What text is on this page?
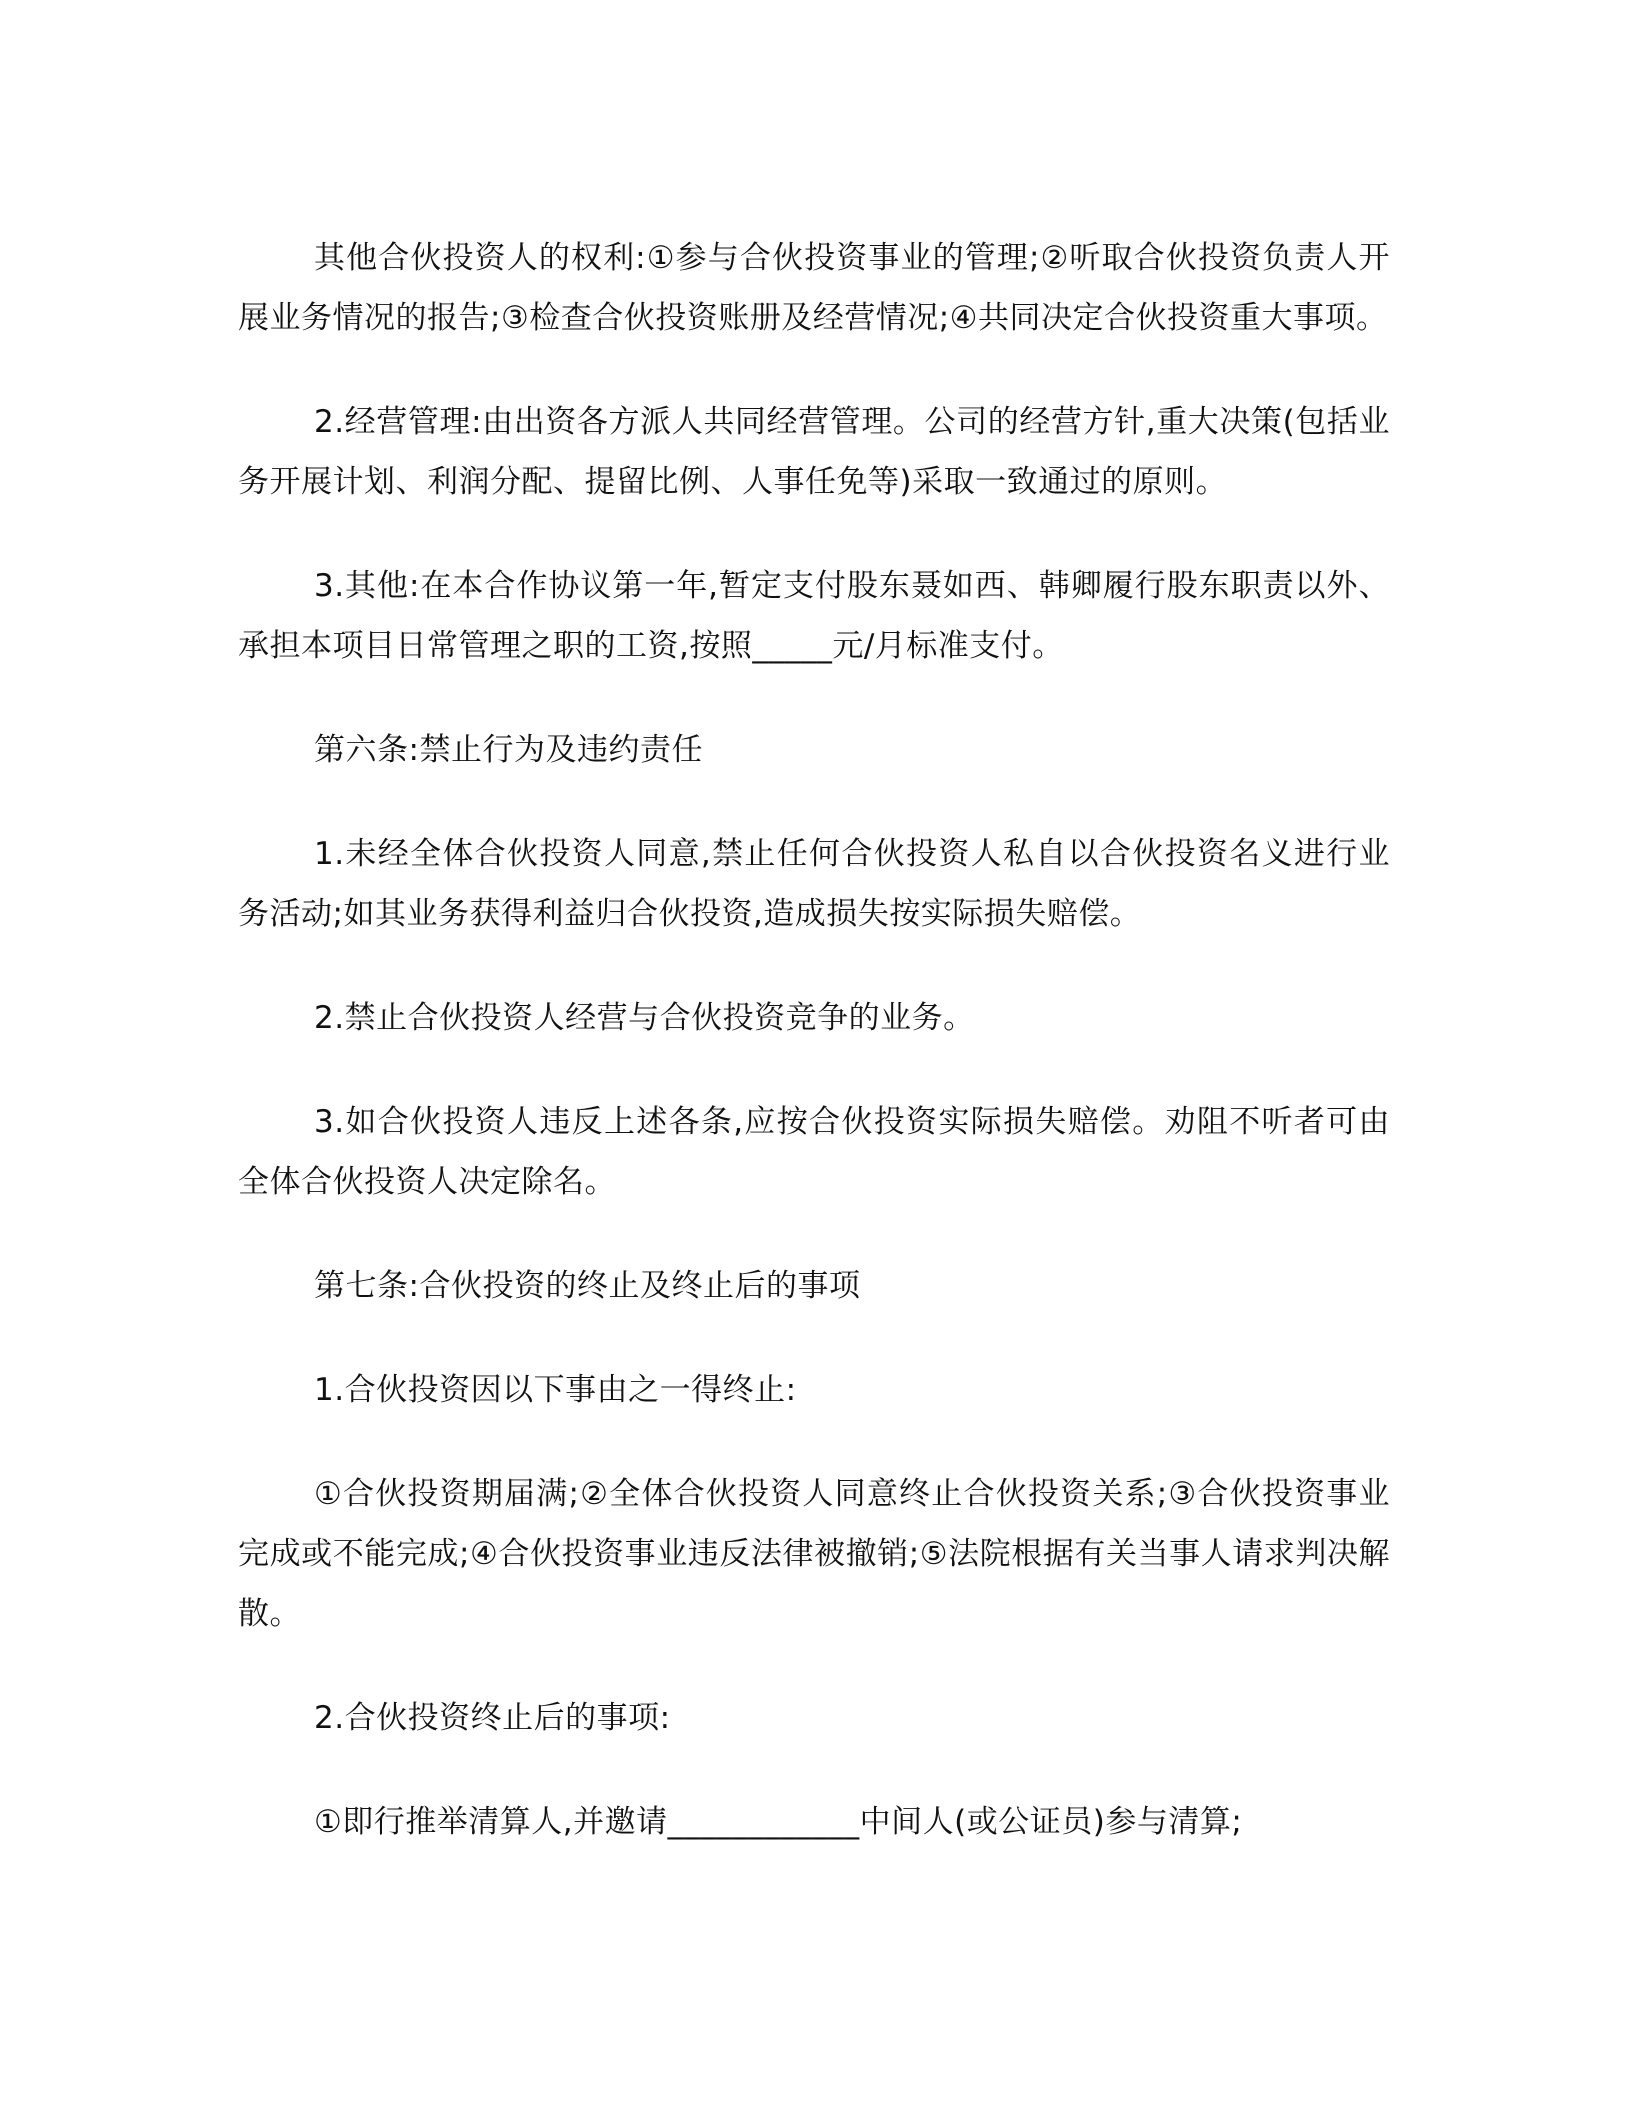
其他合伙投资人的权利:①参与合伙投资事业的管理;②听取合伙投资负责人开展业务情况的报告;③检查合伙投资账册及经营情况;④共同决定合伙投资重大事项。

2.经营管理:由出资各方派人共同经营管理。公司的经营方针,重大决策(包括业务开展计划、利润分配、提留比例、人事任免等)采取一致通过的原则。

3.其他:在本合作协议第一年,暂定支付股东聂如西、韩卿履行股东职责以外、承担本项目日常管理之职的工资,按照_____元/月标准支付。

第六条:禁止行为及违约责任

1.未经全体合伙投资人同意,禁止任何合伙投资人私自以合伙投资名义进行业务活动;如其业务获得利益归合伙投资,造成损失按实际损失赔偿。

2.禁止合伙投资人经营与合伙投资竞争的业务。

3.如合伙投资人违反上述各条,应按合伙投资实际损失赔偿。劝阻不听者可由全体合伙投资人决定除名。

第七条:合伙投资的终止及终止后的事项

1.合伙投资因以下事由之一得终止:

①合伙投资期届满;②全体合伙投资人同意终止合伙投资关系;③合伙投资事业完成或不能完成;④合伙投资事业违反法律被撤销;⑤法院根据有关当事人请求判决解散。

2.合伙投资终止后的事项:

①即行推举清算人,并邀请____________中间人(或公证员)参与清算;
